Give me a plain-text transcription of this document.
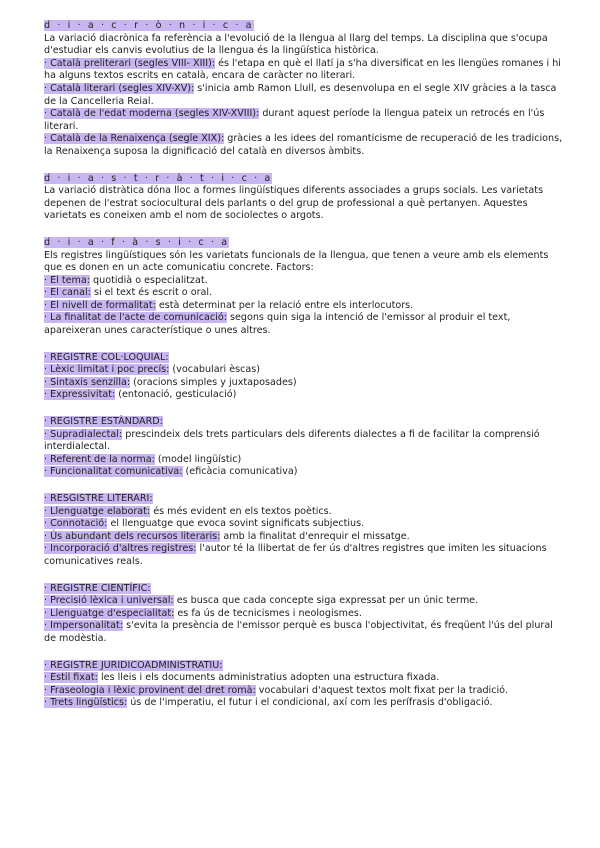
d · i · a · c · r · ò · n · i · c · a

La variació diacrònica fa referència a l'evolució de la llengua al llarg del temps. La disciplina que s'ocupa d'estudiar els canvis evolutius de la llengua és la lingüística històrica.

· Català preliterari (segles VIII- XIII): és l'etapa en què el llatí ja s'ha diversificat en les llengües romanes i hi ha alguns textos escrits en català, encara de caràcter no literari.

· Català literari (segles XIV-XV): s'inicia amb Ramon Llull, es desenvolupa en el segle XIV gràcies a la tasca de la Cancelleria Reial.

· Català de l'edat moderna (segles XIV-XVIII): durant aquest període la llengua pateix un retrocés en l'ús literari.

· Català de la Renaixença (segle XIX): gràcies a les idees del romanticisme de recuperació de les tradicions, la Renaixença suposa la dignificació del català en diversos àmbits.

d · i · a · s · t · r · à · t · i · c · a

La variació distràtica dóna lloc a formes lingüístiques diferents associades a grups socials. Les varietats depenen de l'estrat sociocultural dels parlants o del grup de professional a què pertanyen. Aquestes varietats es coneixen amb el nom de sociolectes o argots.

d · i · a · f · à · s · i · c · a

Els registres lingüístiques són les varietats funcionals de la llengua, que tenen a veure amb els elements que es donen en un acte comunicatiu concrete. Factors:

· El tema: quotidià o especialitzat.

· El canal: si el text és escrit o oral.

· El nivell de formalitat: està determinat per la relació entre els interlocutors.

· La finalitat de l'acte de comunicació: segons quin siga la intenció de l'emissor al produir el text, apareixeran unes característique o unes altres.

· REGISTRE COL·LOQUIAL:

· Lèxic limitat i poc precís: (vocabulari èscas)

· Sintaxis senzilla: (oracions simples y juxtaposades)

· Expressivitat: (entonació, gesticulació)

· REGISTRE ESTÀNDARD:

· Supradialectal: prescindeix dels trets particulars dels diferents dialectes a fi de facilitar la comprensió interdialectal.

· Referent de la norma: (model lingüístic)

· Funcionalitat comunicativa: (eficàcia comunicativa)

· RESGISTRE LITERARI:

· Llenguatge elaborat: és més evident en els textos poètics.

· Connotació: el llenguatge que evoca sovint significats subjectius.

· Ús abundant dels recursos literaris: amb la finalitat d'enrequir el missatge.

· Incorporació d'altres registres: l'autor té la llibertat de fer ús d'altres registres que imiten les situacions comunicatives reals.

· REGISTRE CIENTÍFIC:

· Precisió lèxica i universal: es busca que cada concepte siga expressat per un únic terme.

· Llenguatge d'especialitat: es fa ús de tecnicismes i neologismes.

· Impersonalitat: s'evita la presència de l'emissor perquè es busca l'objectivitat, és freqüent l'ús del plural de modèstia.

· REGISTRE JURIDICOADMINISTRATIU:

· Estil fixat: les lleis i els documents administratius adopten una estructura fixada.

· Fraseologia i lèxic provinent del dret romà: vocabulari d'aquest textos molt fixat per la tradició.

· Trets lingüístics: ús de l'imperatiu, el futur i el condicional, axí com les perífrasis d'obligació.
